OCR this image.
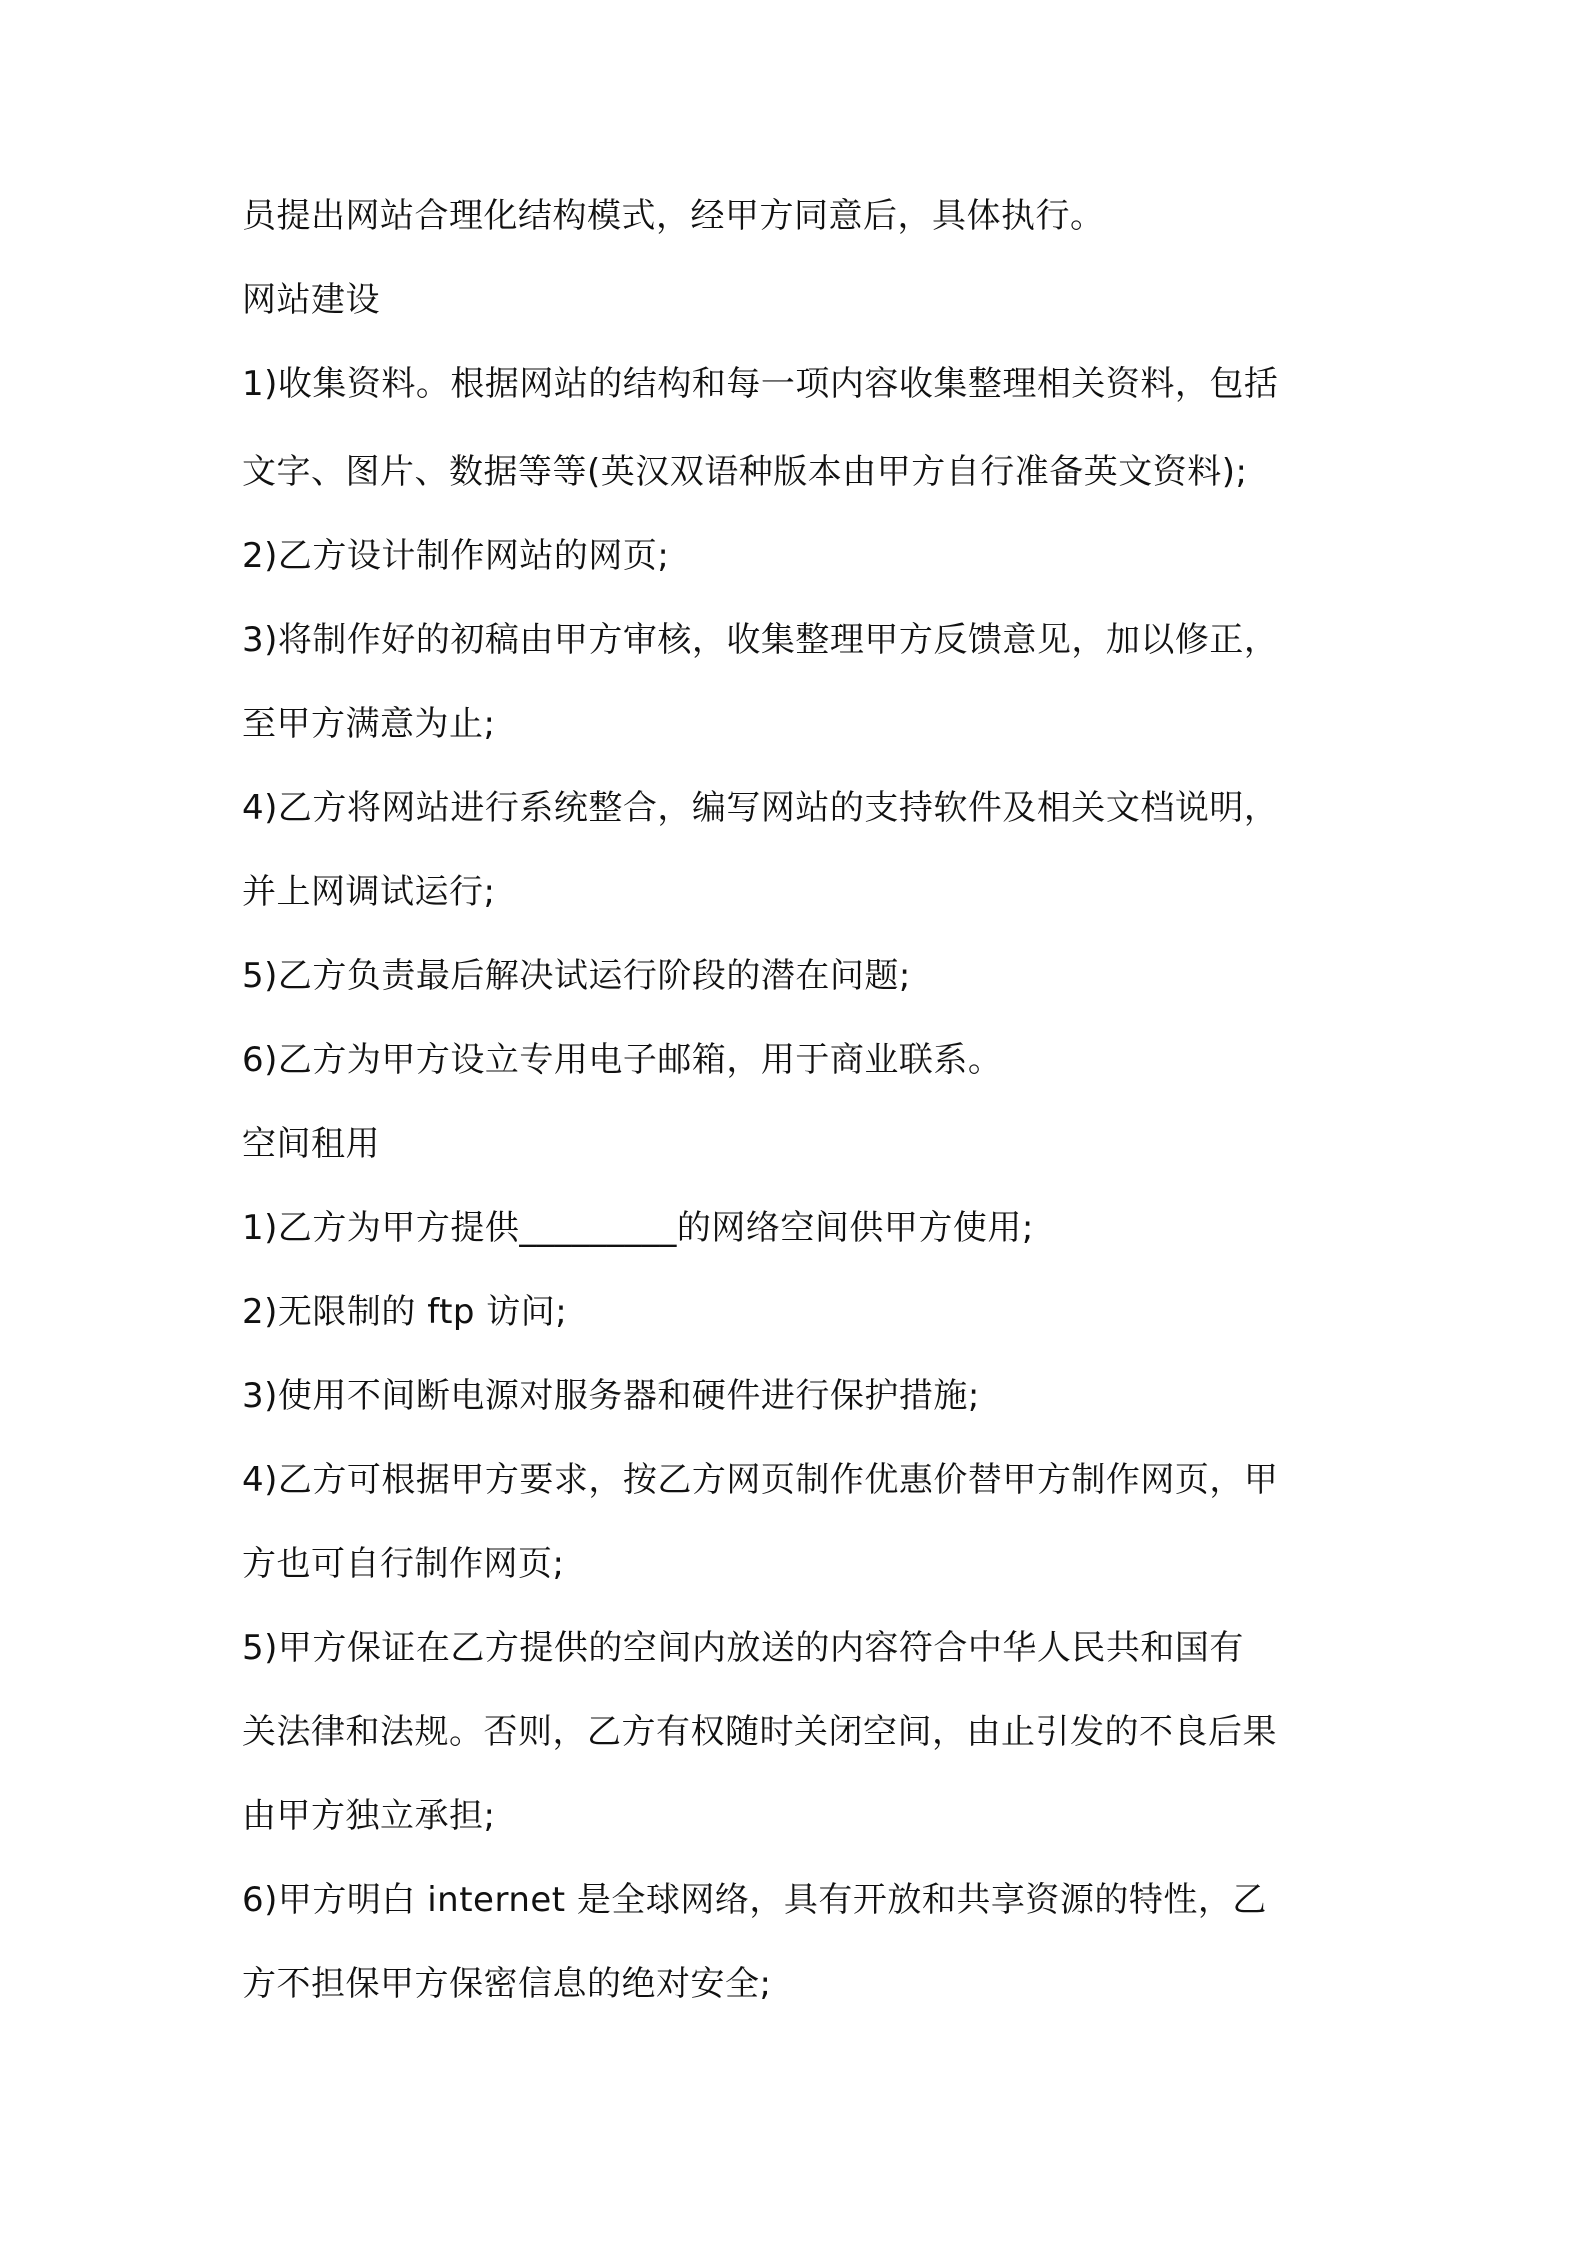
员提出网站合理化结构模式，经甲方同意后，具体执行。

网站建设

1)收集资料。根据网站的结构和每一项内容收集整理相关资料，包括

文字、图片、数据等等(英汉双语种版本由甲方自行准备英文资料);

2)乙方设计制作网站的网页;

3)将制作好的初稿由甲方审核，收集整理甲方反馈意见，加以修正，

至甲方满意为止;

4)乙方将网站进行系统整合，编写网站的支持软件及相关文档说明，

并上网调试运行;

5)乙方负责最后解决试运行阶段的潜在问题;

6)乙方为甲方设立专用电子邮箱，用于商业联系。

空间租用

1)乙方为甲方提供_________的网络空间供甲方使用;

2)无限制的 ftp 访问;

3)使用不间断电源对服务器和硬件进行保护措施;

4)乙方可根据甲方要求，按乙方网页制作优惠价替甲方制作网页，甲

方也可自行制作网页;

5)甲方保证在乙方提供的空间内放送的内容符合中华人民共和国有

关法律和法规。否则，乙方有权随时关闭空间，由止引发的不良后果

由甲方独立承担;

6)甲方明白 internet 是全球网络，具有开放和共享资源的特性，乙

方不担保甲方保密信息的绝对安全;
